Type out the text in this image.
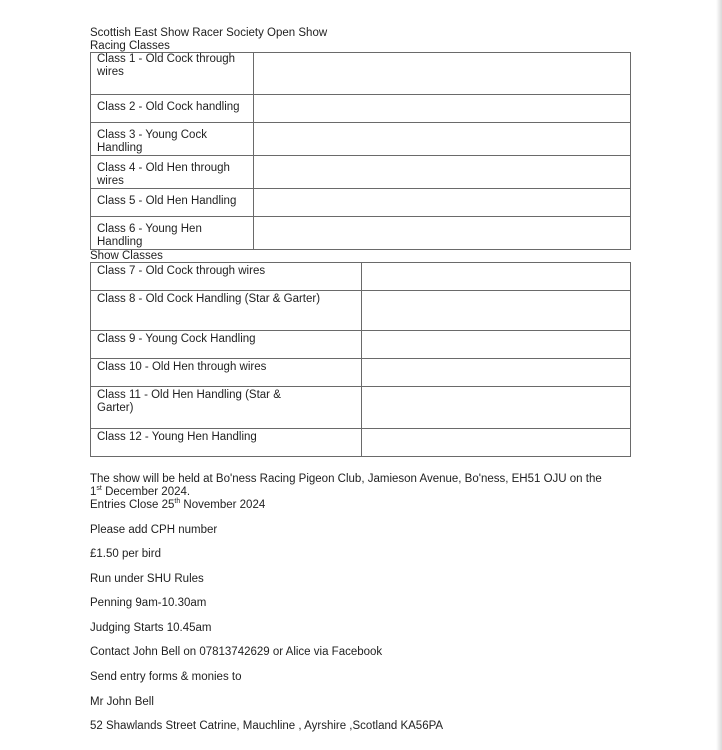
Scottish East Show Racer Society Open Show
Racing Classes
Class 1 - Old Cock through wires	

Class 2 - Old Cock handling	
Class 3 - Young Cock Handling	
Class 4 - Old Hen through wires	
Class 5 - Old Hen Handling	
Class 6 - Young Hen Handling	
Show Classes
Class 7 - Old Cock through wires	
Class 8 - Old Cock Handling (Star & Garter)	
Class 9 - Young Cock Handling	
Class 10 - Old Hen through wires	

Class 11 - Old Hen Handling (Star & Garter)	

Class 12 - Young Hen Handling	
The show will be held at Bo'ness Racing Pigeon Club, Jamieson Avenue, Bo'ness, EH51 OJU on the
1st December 2024.
Entries Close 25th November 2024
Please add CPH number
£1.50 per bird
Run under SHU Rules
Penning 9am-10.30am
Judging Starts 10.45am
Contact John Bell on 07813742629 or Alice via Facebook
Send entry forms & monies to
Mr John Bell
52 Shawlands Street Catrine, Mauchline , Ayrshire ,Scotland KA56PA
